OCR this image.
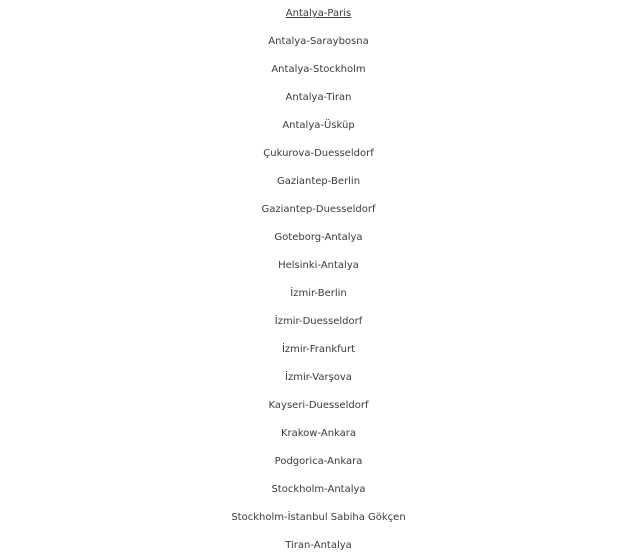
Antalya-Paris
Antalya-Saraybosna
Antalya-Stockholm
Antalya-Tiran
Antalya-Üsküp
Çukurova-Duesseldorf
Gaziantep-Berlin
Gaziantep-Duesseldorf
Goteborg-Antalya
Helsinki-Antalya
İzmir-Berlin
İzmir-Duesseldorf
İzmir-Frankfurt
İzmir-Varşova
Kayseri-Duesseldorf
Krakow-Ankara
Podgorica-Ankara
Stockholm-Antalya
Stockholm-İstanbul Sabiha Gökçen
Tiran-Antalya
